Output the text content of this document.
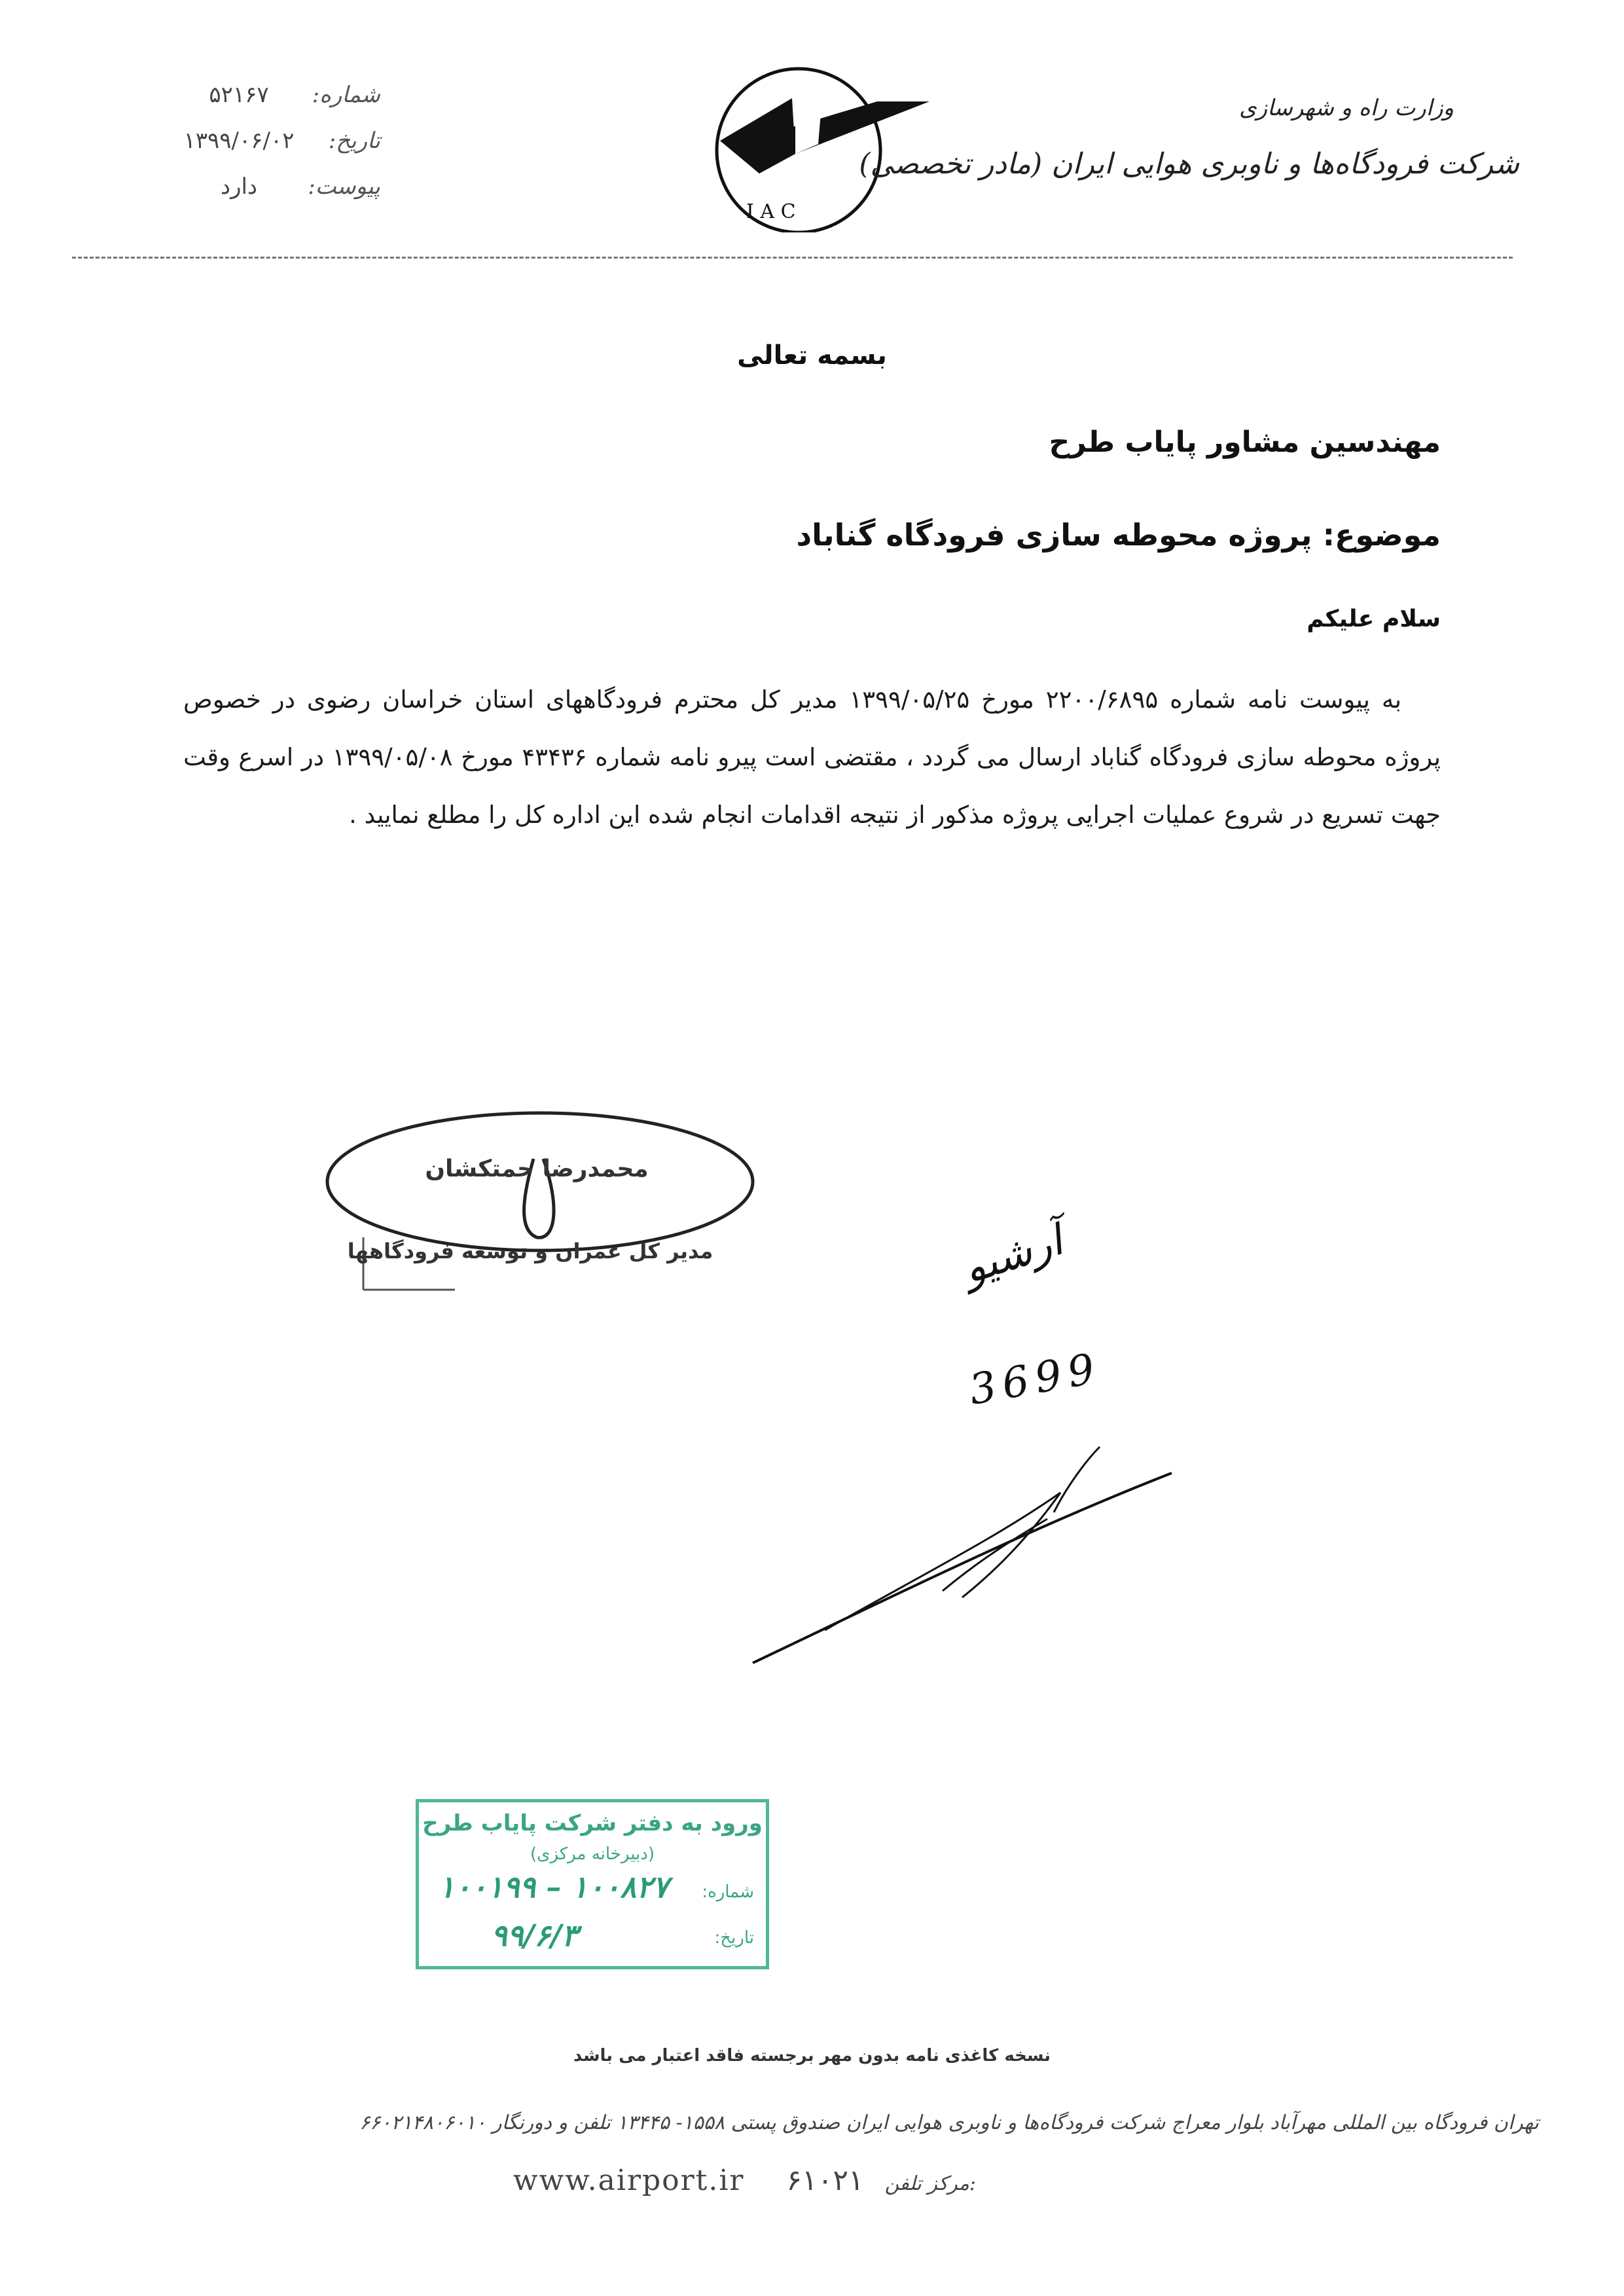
۵۲۱۶۷ شماره:
۱۳۹۹/۰۶/۰۲ تاریخ:
دارد پیوست:
I A C
وزارت راه و شهرسازی
شرکت فرودگاه‌ها و ناوبری هوایی ایران (مادر تخصصی)
بسمه تعالی
مهندسین مشاور پایاب طرح
موضوع: پروژه محوطه سازی فرودگاه گناباد
سلام علیکم
به پیوست نامه شماره ۲۲۰۰/۶۸۹۵ مورخ ۱۳۹۹/۰۵/۲۵ مدیر کل محترم فرودگاههای استان خراسان رضوی در خصوص پروژه محوطه سازی فرودگاه گناباد ارسال می گردد ، مقتضی است پیرو نامه شماره ۴۳۴۳۶ مورخ ۱۳۹۹/۰۵/۰۸ در اسرع وقت جهت تسریع در شروع عملیات اجرایی پروژه مذکور از نتیجه اقدامات انجام شده این اداره کل را مطلع نمایید .
محمدرضا حمتکشان
مدیر کل عمران و توسعه فرودگاهها	آرشیو
3699
ورود به دفتر شرکت پایاب طرح
(دبیرخانه مرکزی)
شماره:
تاریخ:
۱۰۰۸۲۷ – ۱۰۰۱۹۹
۹۹/۶/۳
نسخه کاغذی نامه بدون مهر برجسته فاقد اعتبار می باشد
تهران فرودگاه بین المللی مهرآباد بلوار معراج شرکت فرودگاه‌ها و ناوبری هوایی ایران صندوق پستی ۱۵۵۸- ۱۳۴۴۵ تلفن و دورنگار ۶۶۰۲۱۴۸۰۶۰۱۰
www.airport.ir ۶۱۰۲۱ مرکز تلفن:
